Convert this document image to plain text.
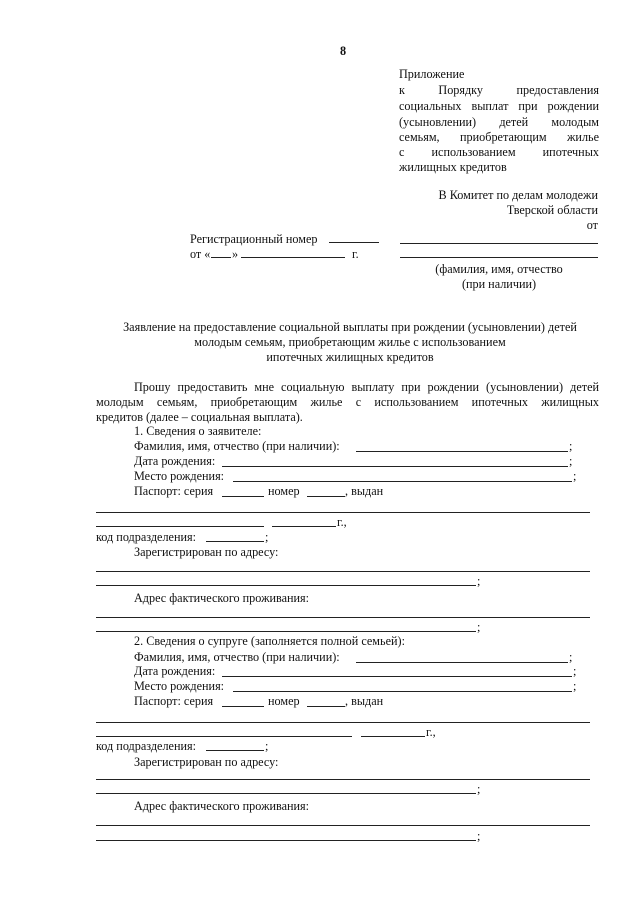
8
Приложение
к Порядку предоставления
социальных выплат при рождении
(усыновлении) детей молодым
семьям, приобретающим жилье
с использованием ипотечных
жилищных кредитов
В Комитет по делам молодежи
Тверской области
от
(фамилия, имя, отчество
(при наличии)
Регистрационный номер
от « »	г.
Заявление на предоставление социальной выплаты при рождении (усыновлении) детей
молодым семьям, приобретающим жилье с использованием
ипотечных жилищных кредитов
Прошу предоставить мне социальную выплату при рождении (усыновлении) детей
молодым семьям, приобретающим жилье с использованием ипотечных жилищных
кредитов (далее – социальная выплата).
1. Сведения о заявителе:
Фамилия, имя, отчество (при наличии):	;
Дата рождения:	;
Место рождения:	;
Паспорт: серия	номер	, выдан
г.,
код подразделения:	;
Зарегистрирован по адресу:
;
Адрес фактического проживания:
;
2. Сведения о супруге (заполняется полной семьей):
Фамилия, имя, отчество (при наличии):	;
Дата рождения:	;
Место рождения:	;
Паспорт: серия	номер	, выдан
г.,
код подразделения:	;
Зарегистрирован по адресу:
;
Адрес фактического проживания:
;
